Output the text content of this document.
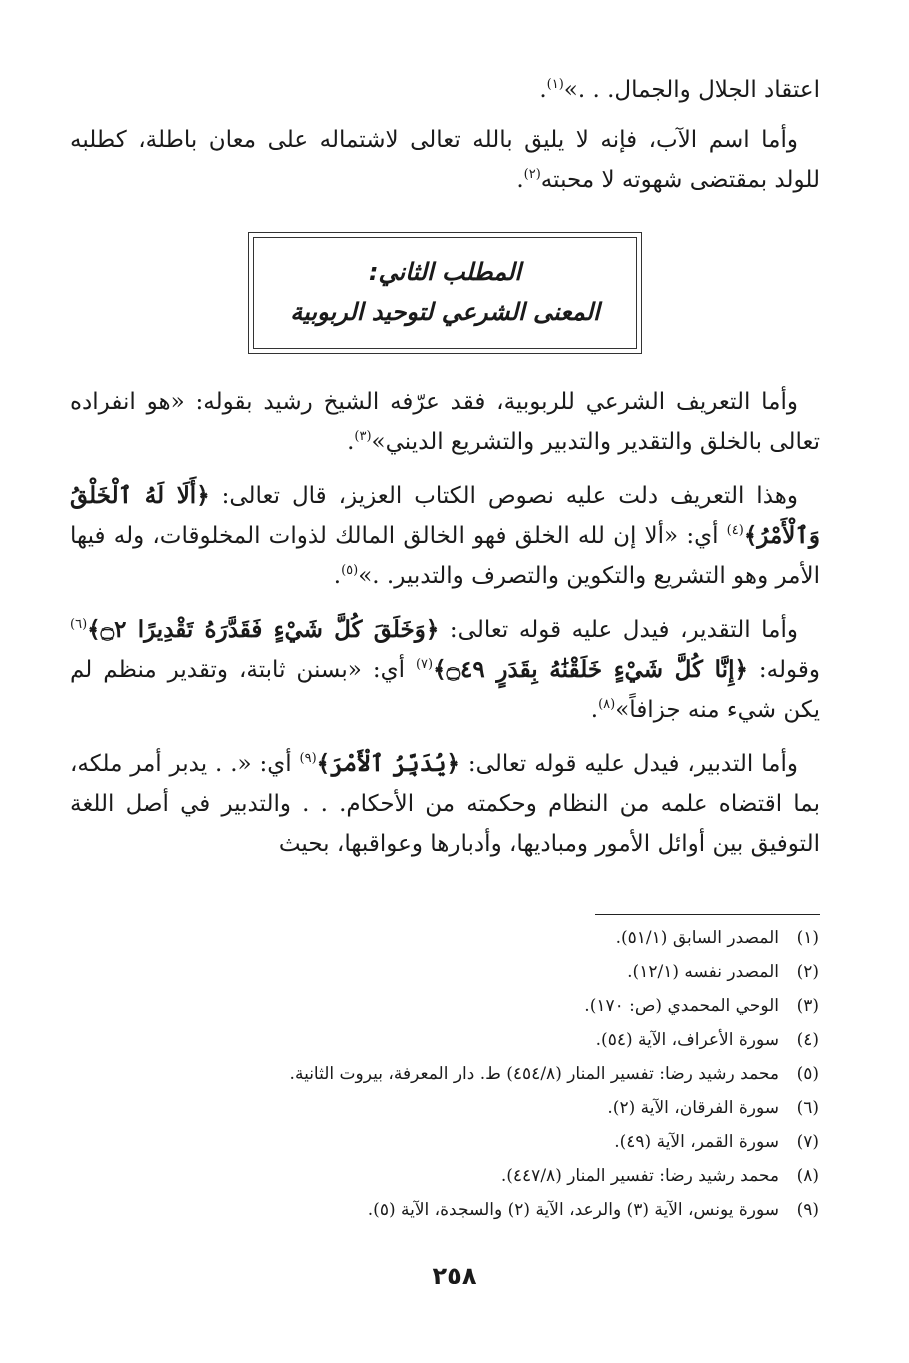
اعتقاد الجلال والجمال. . .»$^{(١)}$.

وأما اسم الآب، فإنه لا يليق بالله تعالى لاشتماله على معان باطلة، كطلبه للولد بمقتضى شهوته لا محبته$^{(٢)}$.

المطلب الثاني:
المعنى الشرعي لتوحيد الربوبية

وأما التعريف الشرعي للربوبية، فقد عرّفه الشيخ رشيد بقوله: «هو انفراده تعالى بالخلق والتقدير والتدبير والتشريع الديني»$^{(٣)}$.

وهذا التعريف دلت عليه نصوص الكتاب العزيز، قال تعالى: ﴿أَلَا لَهُ ٱلْخَلْقُ وَٱلْأَمْرُ﴾$^{(٤)}$ أي: «ألا إن لله الخلق فهو الخالق المالك لذوات المخلوقات، وله فيها الأمر وهو التشريع والتكوين والتصرف والتدبير. .»$^{(٥)}$.

وأما التقدير، فيدل عليه قوله تعالى: ﴿وَخَلَقَ كُلَّ شَيْءٍ فَقَدَّرَهُ تَقْدِيرًا ۝٢﴾$^{(٦)}$ وقوله: ﴿إِنَّا كُلَّ شَيْءٍ خَلَقْنَٰهُ بِقَدَرٍ ۝٤٩﴾$^{(٧)}$ أي: «بسنن ثابتة، وتقدير منظم لم يكن شيء منه جزافاً»$^{(٨)}$.

وأما التدبير، فيدل عليه قوله تعالى: ﴿يُدَبِّرُ ٱلْأَمْرَ﴾$^{(٩)}$ أي: «. . يدبر أمر ملكه، بما اقتضاه علمه من النظام وحكمته من الأحكام. . . والتدبير في أصل اللغة التوفيق بين أوائل الأمور ومباديها، وأدبارها وعواقبها، بحيث

(١)
المصدر السابق (٥١/١).
(٢)
المصدر نفسه (١٢/١).
(٣)
الوحي المحمدي (ص: ١٧٠).
(٤)
سورة الأعراف، الآية (٥٤).
(٥)
محمد رشيد رضا: تفسير المنار (٤٥٤/٨) ط. دار المعرفة، بيروت الثانية.
(٦)
سورة الفرقان، الآية (٢).
(٧)
سورة القمر، الآية (٤٩).
(٨)
محمد رشيد رضا: تفسير المنار (٤٤٧/٨).
(٩)
سورة يونس، الآية (٣) والرعد، الآية (٢) والسجدة، الآية (٥).
٢٥٨
